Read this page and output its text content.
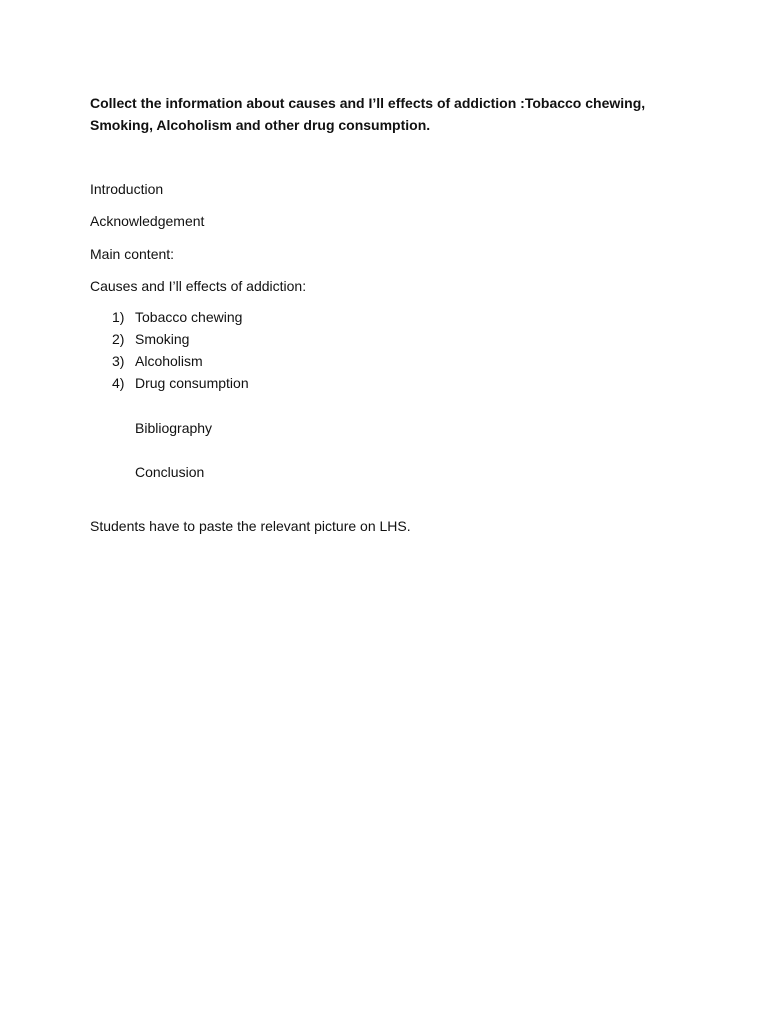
Collect the information about causes and I’ll effects of addiction :Tobacco chewing, Smoking, Alcoholism and other drug consumption.

Introduction

Acknowledgement

Main content:

Causes and I’ll effects of addiction:

1) Tobacco chewing
2) Smoking
3) Alcoholism
4) Drug consumption

Bibliography

Conclusion

Students have to paste the relevant picture on LHS.
